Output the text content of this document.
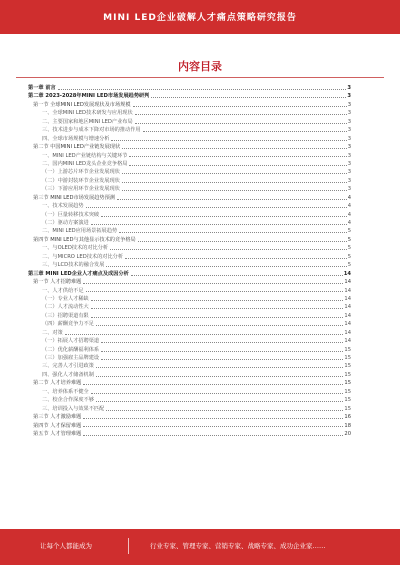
MINI LED企业破解人才痛点策略研究报告
内容目录
第一章 前言	3
第二章 2023-2028年MINI LED市场发展趋势研判	3
第一节 全球MINI LED发展现状及市场规模	3
一、全球MINI LED技术研发与应用现状	3
二、主要国家和地区MINI LED产业布局	3
三、技术进步与成本下降对市场的推动作用	3
四、全球市场规模与增速分析	3
第二节 中国MINI LED产业链发展现状	3
一、MINI LED产业链结构与关键环节	3
二、国内MINI LED龙头企业竞争格局	3
（一）上游芯片环节企业发展现状	3
（二）中游封装环节企业发展现状	3
（三）下游应用环节企业发展现状	3
第三节 MINI LED市场发展趋势预测	4
一、技术发展趋势	4
（一）巨量转移技术突破	4
（二）驱动方案演进	4
二、MINI LED应用场景拓展趋势	5
第四节 MINI LED与其他显示技术的竞争格局	5
一、与OLED技术的对比分析	5
二、与MICRO LED技术的对比分析	5
三、与LCD技术的融合发展	5
第三章 MINI LED企业人才痛点及成因分析	14
第一节 人才招聘难题	14
一、人才供给不足	14
（一）专业人才稀缺	14
（二）人才流动性大	14
（三）招聘渠道有限	14
（四）薪酬竞争力不足	14
二、对策	14
（一）拓展人才招聘渠道	14
（二）优化薪酬福利体系	15
（三）加强雇主品牌建设	15
三、完善人才引进政策	15
四、强化人才储备机制	15
第二节 人才培养难题	15
一、培养体系不健全	15
二、校企合作深度不够	15
三、培训投入与效果不匹配	15
第三节 人才激励难题	16
第四节 人才保留难题	18
第五节 人才管理难题	20
让每个人都能成为	行业专家、管理专家、营销专家、战略专家、成功企业家……
